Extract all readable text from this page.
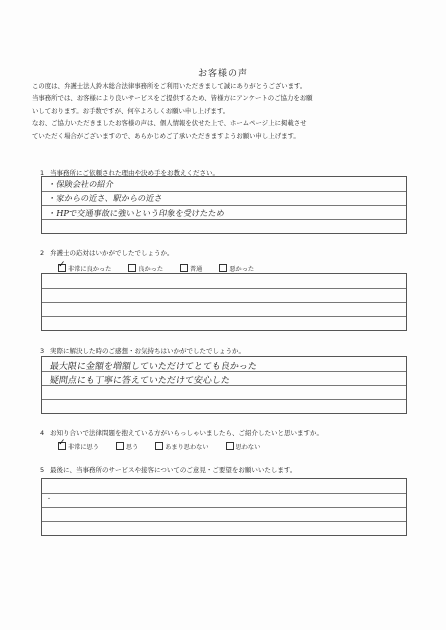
お客様の声
この度は、弁護士法人鈴木総合法律事務所をご利用いただきまして誠にありがとうございます。
当事務所では、お客様により良いサービスをご提供するため、皆様方にアンケートのご協力をお願
いしております。お手数ですが、何卒よろしくお願い申し上げます。
なお、ご協力いただきましたお客様の声は、個人情報を伏せた上で、ホームページ上に掲載させ
ていただく場合がございますので、あらかじめご了承いただきますようお願い申し上げます。
1 当事務所にご依頼された理由や決め手をお教えください。
・保険会社の紹介
・家からの近さ、駅からの近さ
・HPで交通事故に強いという印象を受けたため
2 弁護士の応対はいかがでしたでしょうか。
✓非常に良かった	良かった	普通	悪かった
3 実際に解決した時のご感想・お気持ちはいかがでしたでしょうか。
最大限に金額を増額していただけてとても良かった
疑問点にも丁寧に答えていただけて安心した
4 お知り合いで法律問題を抱えている方がいらっしゃいましたら、ご紹介したいと思いますか。
✓非常に思う	思う	あまり思わない	思わない
5 最後に、当事務所のサービスや接客についてのご意見・ご要望をお願いいたします。
・
